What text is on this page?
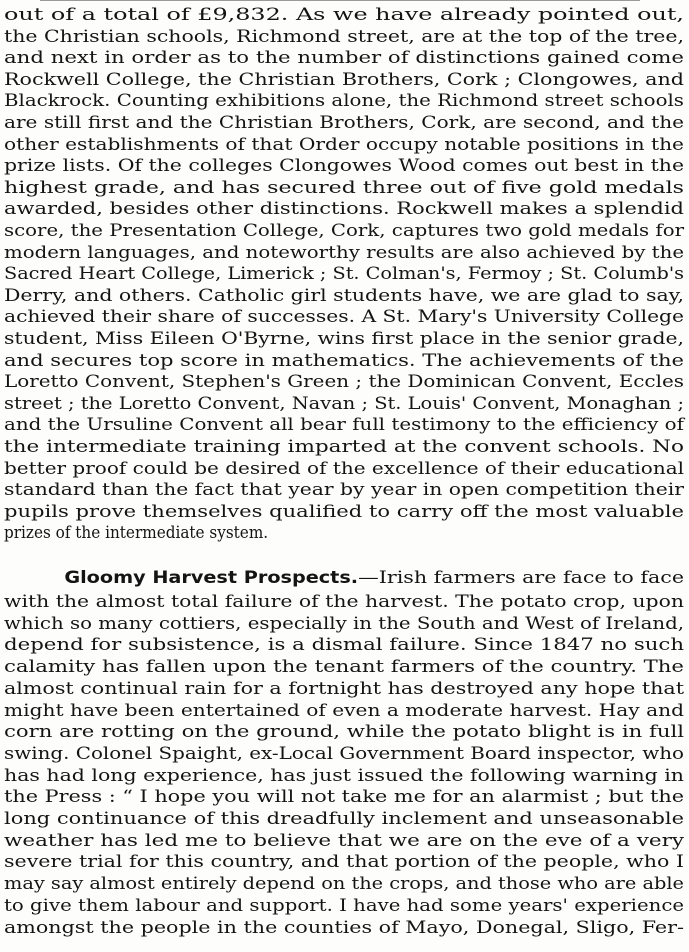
out of a total of £9,832. As we have already pointed out,
the Christian schools, Richmond street, are at the top of the tree,
and next in order as to the number of distinctions gained come
Rockwell College, the Christian Brothers, Cork ; Clongowes, and
Blackrock. Counting exhibitions alone, the Richmond street schools
are still first and the Christian Brothers, Cork, are second, and the
other establishments of that Order occupy notable positions in the
prize lists. Of the colleges Clongowes Wood comes out best in the
highest grade, and has secured three out of five gold medals
awarded, besides other distinctions. Rockwell makes a splendid
score, the Presentation College, Cork, captures two gold medals for
modern languages, and noteworthy results are also achieved by the
Sacred Heart College, Limerick ; St. Colman's, Fermoy ; St. Columb's
Derry, and others. Catholic girl students have, we are glad to say,
achieved their share of successes. A St. Mary's University College
student, Miss Eileen O'Byrne, wins first place in the senior grade,
and secures top score in mathematics. The achievements of the
Loretto Convent, Stephen's Green ; the Dominican Convent, Eccles
street ; the Loretto Convent, Navan ; St. Louis' Convent, Monaghan ;
and the Ursuline Convent all bear full testimony to the efficiency of
the intermediate training imparted at the convent schools. No
better proof could be desired of the excellence of their educational
standard than the fact that year by year in open competition their
pupils prove themselves qualified to carry off the most valuable
prizes of the intermediate system.
Gloomy Harvest Prospects.—Irish farmers are face to face
with the almost total failure of the harvest. The potato crop, upon
which so many cottiers, especially in the South and West of Ireland,
depend for subsistence, is a dismal failure. Since 1847 no such
calamity has fallen upon the tenant farmers of the country. The
almost continual rain for a fortnight has destroyed any hope that
might have been entertained of even a moderate harvest. Hay and
corn are rotting on the ground, while the potato blight is in full
swing. Colonel Spaight, ex-Local Government Board inspector, who
has had long experience, has just issued the following warning in
the Press : “ I hope you will not take me for an alarmist ; but the
long continuance of this dreadfully inclement and unseasonable
weather has led me to believe that we are on the eve of a very
severe trial for this country, and that portion of the people, who I
may say almost entirely depend on the crops, and those who are able
to give them labour and support. I have had some years' experience
amongst the people in the counties of Mayo, Donegal, Sligo, Fer-
